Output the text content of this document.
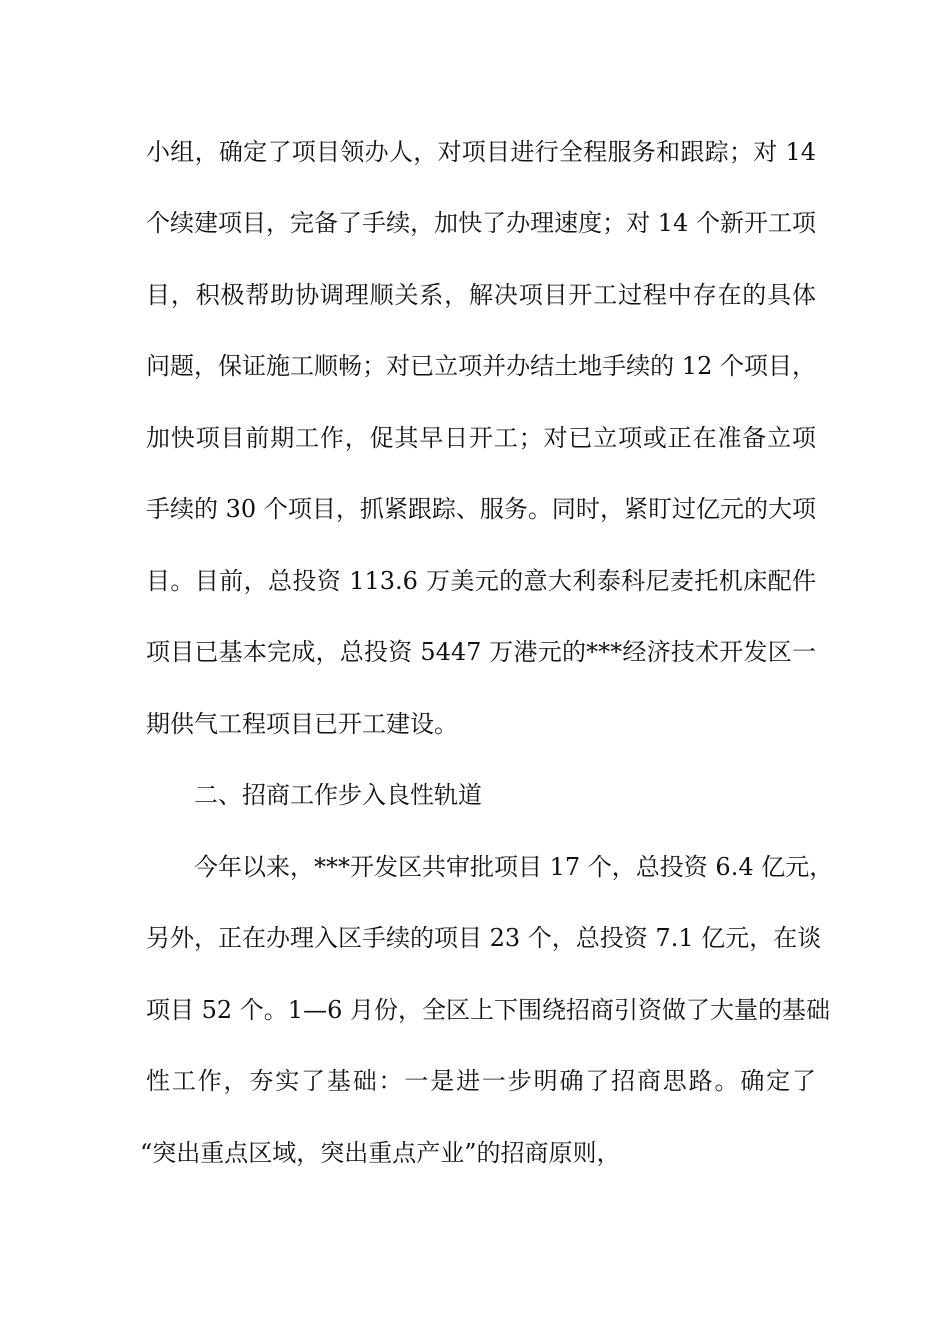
小组，确定了项目领办人，对项目进行全程服务和跟踪；对 14
个续建项目，完备了手续，加快了办理速度；对 14 个新开工项
目，积极帮助协调理顺关系，解决项目开工过程中存在的具体
问题，保证施工顺畅；对已立项并办结土地手续的 12 个项目，
加快项目前期工作，促其早日开工；对已立项或正在准备立项
手续的 30 个项目，抓紧跟踪、服务。同时，紧盯过亿元的大项
目。目前，总投资 113.6 万美元的意大利泰科尼麦托机床配件
项目已基本完成，总投资 5447 万港元的***经济技术开发区一
期供气工程项目已开工建设。
二、招商工作步入良性轨道
今年以来，***开发区共审批项目 17 个，总投资 6.4 亿元，
另外，正在办理入区手续的项目 23 个，总投资 7.1 亿元，在谈
项目 52 个。1—6 月份，全区上下围绕招商引资做了大量的基础
性工作，夯实了基础：一是进一步明确了招商思路。确定了
“突出重点区域，突出重点产业”的招商原则，
